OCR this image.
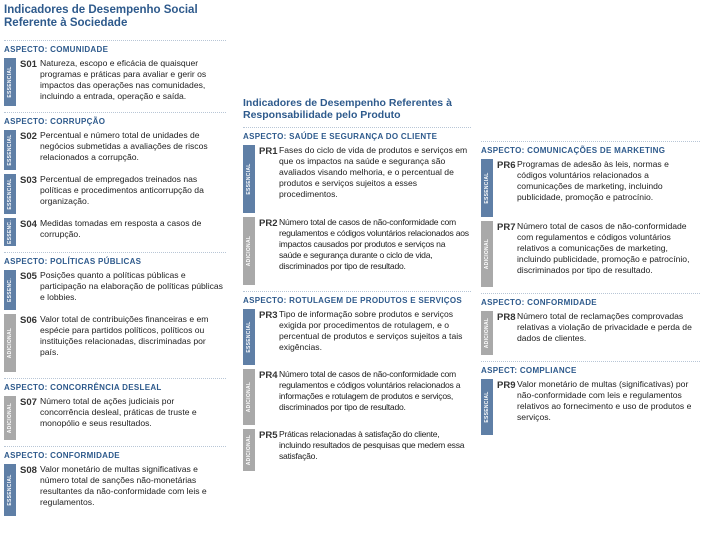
Indicadores de Desempenho Social Referente à Sociedade
ASPECTO: COMUNIDADE
ESSENCIAL
S01 Natureza, escopo e eficácia de quaisquer programas e práticas para avaliar e gerir os impactos das operações nas comunidades, incluindo a entrada, operação e saída.
ASPECTO: CORRUPÇÃO
ESSENCIAL S02 Percentual e número total de unidades de negócios submetidas a avaliações de riscos relacionados a corrupção.
ESSENCIAL S03 Percentual de empregados treinados nas políticas e procedimentos anticorrupção da organização.
ESSENC. S04 Medidas tomadas em resposta a casos de corrupção.
ASPECTO: POLÍTICAS PÚBLICAS
ESSENC.
S05 Posições quanto a políticas públicas e participação na elaboração de políticas públicas e lobbies.
ADICIONAL
S06 Valor total de contribuições financeiras e em espécie para partidos políticos, políticos ou instituições relacionadas, discriminadas por país.
ASPECTO: CONCORRÊNCIA DESLEAL
ADICIONAL
S07 Número total de ações judiciais por concorrência desleal, práticas de truste e monopólio e seus resultados.
ASPECTO: CONFORMIDADE
ESSENCIAL
S08 Valor monetário de multas significativas e número total de sanções não-monetárias resultantes da não-conformidade com leis e regulamentos.
Indicadores de Desempenho Referentes à Responsabilidade pelo Produto
ASPECTO: SAÚDE E SEGURANÇA DO CLIENTE
ESSENCIAL
PR1 Fases do ciclo de vida de produtos e serviços em que os impactos na saúde e segurança são avaliados visando melhoria, e o percentual de produtos e serviços sujeitos a esses procedimentos.
ADICIONAL
PR2 Número total de casos de não-conformidade com regulamentos e códigos voluntários relacionados aos impactos causados por produtos e serviços na saúde e segurança durante o ciclo de vida, discriminados por tipo de resultado.
ASPECTO: ROTULAGEM DE PRODUTOS E SERVIÇOS
ESSENCIAL
PR3 Tipo de informação sobre produtos e serviços exigida por procedimentos de rotulagem, e o percentual de produtos e serviços sujeitos a tais exigências.
ADICIONAL
PR4 Número total de casos de não-conformidade com regulamentos e códigos voluntários relacionados a informações e rotulagem de produtos e serviços, discriminados por tipo de resultado.
ADICIONAL PR5 Práticas relacionadas à satisfação do cliente, incluindo resultados de pesquisas que medem essa satisfação.
ASPECTO: COMUNICAÇÕES DE MARKETING
ESSENCIAL
PR6 Programas de adesão às leis, normas e códigos voluntários relacionados a comunicações de marketing, incluindo publicidade, promoção e patrocínio.
ADICIONAL
PR7 Número total de casos de não-conformidade com regulamentos e códigos voluntários relativos a comunicações de marketing, incluindo publicidade, promoção e patrocínio, discriminados por tipo de resultado.
ASPECTO: CONFORMIDADE
ADICIONAL
PR8 Número total de reclamações comprovadas relativas a violação de privacidade e perda de dados de clientes.
ASPECT: COMPLIANCE
ESSENCIAL
PR9 Valor monetário de multas (significativas) por não-conformidade com leis e regulamentos relativos ao fornecimento e uso de produtos e serviços.
